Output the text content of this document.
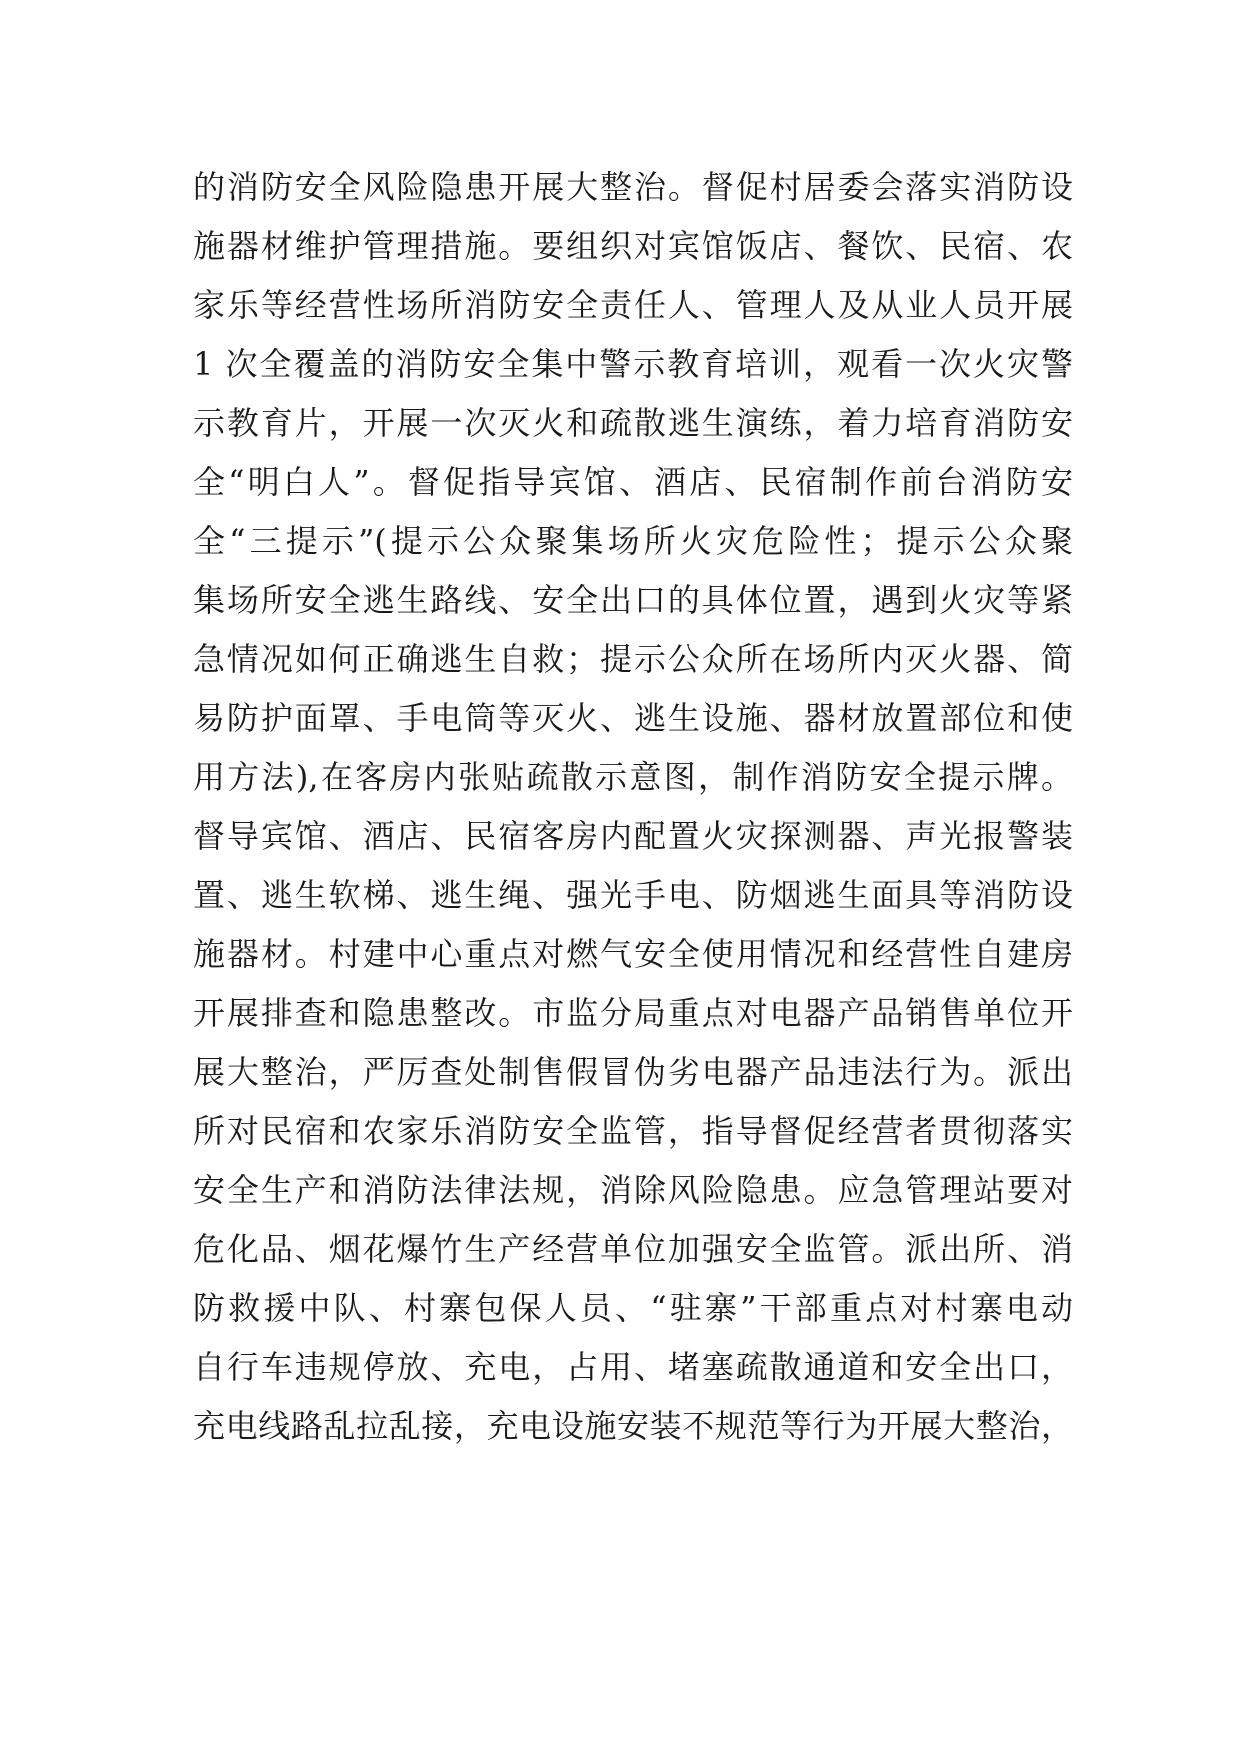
的消防安全风险隐患开展大整治。督促村居委会落实消防设
施器材维护管理措施。要组织对宾馆饭店、餐饮、民宿、农
家乐等经营性场所消防安全责任人、管理人及从业人员开展
1 次全覆盖的消防安全集中警示教育培训，观看一次火灾警
示教育片，开展一次灭火和疏散逃生演练，着力培育消防安
全“明白人”。督促指导宾馆、酒店、民宿制作前台消防安
全“三提示”(提示公众聚集场所火灾危险性；提示公众聚
集场所安全逃生路线、安全出口的具体位置，遇到火灾等紧
急情况如何正确逃生自救；提示公众所在场所内灭火器、简
易防护面罩、手电筒等灭火、逃生设施、器材放置部位和使
用方法),在客房内张贴疏散示意图，制作消防安全提示牌。
督导宾馆、酒店、民宿客房内配置火灾探测器、声光报警装
置、逃生软梯、逃生绳、强光手电、防烟逃生面具等消防设
施器材。村建中心重点对燃气安全使用情况和经营性自建房
开展排查和隐患整改。市监分局重点对电器产品销售单位开
展大整治，严厉查处制售假冒伪劣电器产品违法行为。派出
所对民宿和农家乐消防安全监管，指导督促经营者贯彻落实
安全生产和消防法律法规，消除风险隐患。应急管理站要对
危化品、烟花爆竹生产经营单位加强安全监管。派出所、消
防救援中队、村寨包保人员、“驻寨”干部重点对村寨电动
自行车违规停放、充电，占用、堵塞疏散通道和安全出口，
充电线路乱拉乱接，充电设施安装不规范等行为开展大整治，
